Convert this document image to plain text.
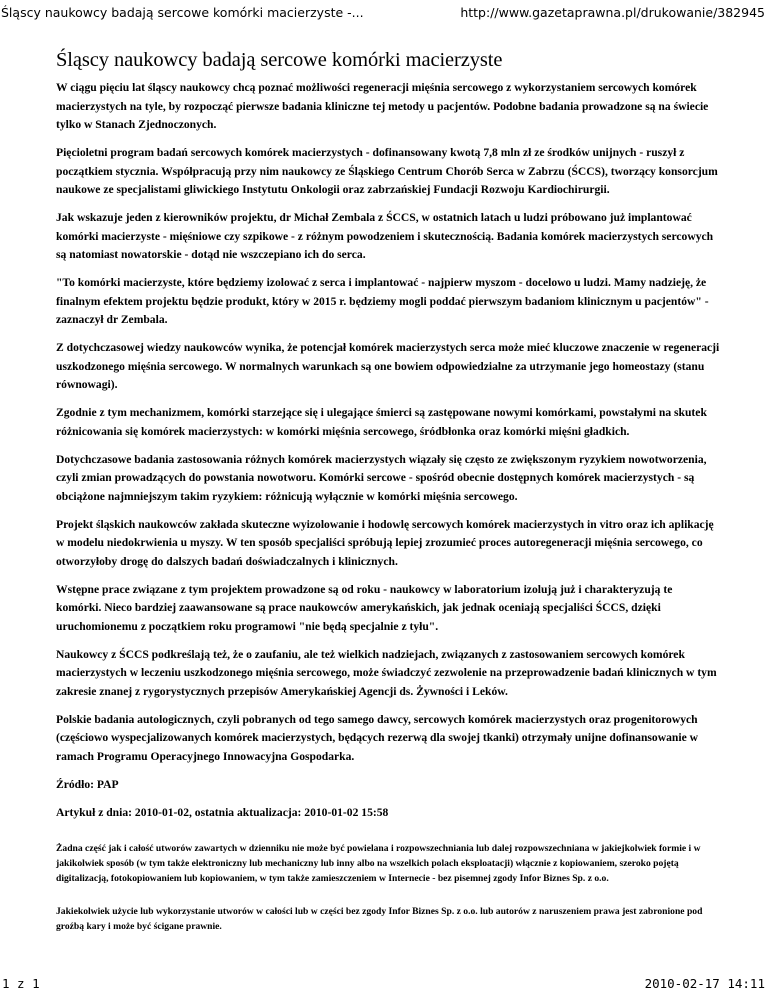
Śląscy naukowcy badają sercowe komórki macierzyste -...	http://www.gazetaprawna.pl/drukowanie/382945
Śląscy naukowcy badają sercowe komórki macierzyste

W ciągu pięciu lat śląscy naukowcy chcą poznać możliwości regeneracji mięśnia sercowego z wykorzystaniem sercowych komórek macierzystych na tyle, by rozpocząć pierwsze badania kliniczne tej metody u pacjentów. Podobne badania prowadzone są na świecie tylko w Stanach Zjednoczonych.

Pięcioletni program badań sercowych komórek macierzystych - dofinansowany kwotą 7,8 mln zł ze środków unijnych - ruszył z początkiem stycznia. Współpracują przy nim naukowcy ze Śląskiego Centrum Chorób Serca w Zabrzu (ŚCCS), tworzący konsorcjum naukowe ze specjalistami gliwickiego Instytutu Onkologii oraz zabrzańskiej Fundacji Rozwoju Kardiochirurgii.

Jak wskazuje jeden z kierowników projektu, dr Michał Zembala z ŚCCS, w ostatnich latach u ludzi próbowano już implantować komórki macierzyste - mięśniowe czy szpikowe - z różnym powodzeniem i skutecznością. Badania komórek macierzystych sercowych są natomiast nowatorskie - dotąd nie wszczepiano ich do serca.

"To komórki macierzyste, które będziemy izolować z serca i implantować - najpierw myszom - docelowo u ludzi. Mamy nadzieję, że finalnym efektem projektu będzie produkt, który w 2015 r. będziemy mogli poddać pierwszym badaniom klinicznym u pacjentów" - zaznaczył dr Zembala.

Z dotychczasowej wiedzy naukowców wynika, że potencjał komórek macierzystych serca może mieć kluczowe znaczenie w regeneracji uszkodzonego mięśnia sercowego. W normalnych warunkach są one bowiem odpowiedzialne za utrzymanie jego homeostazy (stanu równowagi).

Zgodnie z tym mechanizmem, komórki starzejące się i ulegające śmierci są zastępowane nowymi komórkami, powstałymi na skutek różnicowania się komórek macierzystych: w komórki mięśnia sercowego, śródbłonka oraz komórki mięśni gładkich.

Dotychczasowe badania zastosowania różnych komórek macierzystych wiązały się często ze zwiększonym ryzykiem nowotworzenia, czyli zmian prowadzących do powstania nowotworu. Komórki sercowe - spośród obecnie dostępnych komórek macierzystych - są obciążone najmniejszym takim ryzykiem: różnicują wyłącznie w komórki mięśnia sercowego.

Projekt śląskich naukowców zakłada skuteczne wyizolowanie i hodowlę sercowych komórek macierzystych in vitro oraz ich aplikację w modelu niedokrwienia u myszy. W ten sposób specjaliści spróbują lepiej zrozumieć proces autoregeneracji mięśnia sercowego, co otworzyłoby drogę do dalszych badań doświadczalnych i klinicznych.

Wstępne prace związane z tym projektem prowadzone są od roku - naukowcy w laboratorium izolują już i charakteryzują te komórki. Nieco bardziej zaawansowane są prace naukowców amerykańskich, jak jednak oceniają specjaliści ŚCCS, dzięki uruchomionemu z początkiem roku programowi "nie będą specjalnie z tyłu".

Naukowcy z ŚCCS podkreślają też, że o zaufaniu, ale też wielkich nadziejach, związanych z zastosowaniem sercowych komórek macierzystych w leczeniu uszkodzonego mięśnia sercowego, może świadczyć zezwolenie na przeprowadzenie badań klinicznych w tym zakresie znanej z rygorystycznych przepisów Amerykańskiej Agencji ds. Żywności i Leków.

Polskie badania autologicznych, czyli pobranych od tego samego dawcy, sercowych komórek macierzystych oraz progenitorowych (częściowo wyspecjalizowanych komórek macierzystych, będących rezerwą dla swojej tkanki) otrzymały unijne dofinansowanie w ramach Programu Operacyjnego Innowacyjna Gospodarka.

Źródło: PAP

Artykuł z dnia: 2010-01-02, ostatnia aktualizacja: 2010-01-02 15:58

Żadna część jak i całość utworów zawartych w dzienniku nie może być powielana i rozpowszechniania lub dalej rozpowszechniana w jakiejkolwiek formie i w jakikolwiek sposób (w tym także elektroniczny lub mechaniczny lub inny albo na wszelkich polach eksploatacji) włącznie z kopiowaniem, szeroko pojętą digitalizacją, fotokopiowaniem lub kopiowaniem, w tym także zamieszczeniem w Internecie - bez pisemnej zgody Infor Biznes Sp. z o.o.

Jakiekolwiek użycie lub wykorzystanie utworów w całości lub w części bez zgody Infor Biznes Sp. z o.o. lub autorów z naruszeniem prawa jest zabronione pod groźbą kary i może być ścigane prawnie.

1 z 1	2010-02-17 14:11
